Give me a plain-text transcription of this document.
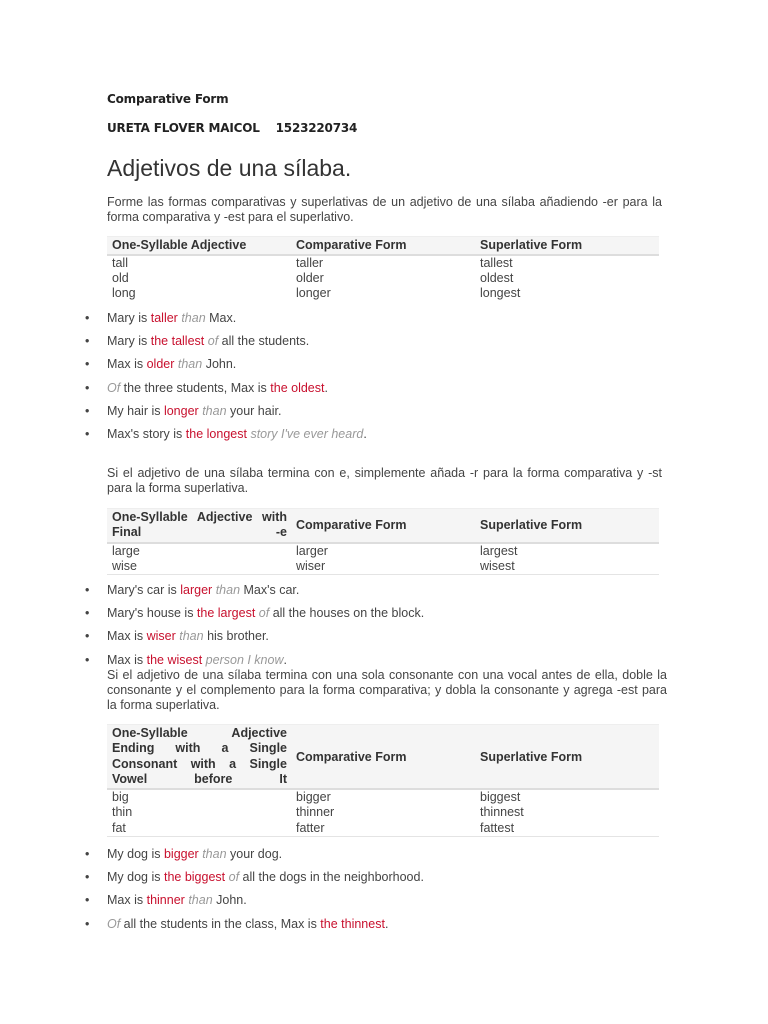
Comparative Form
URETA FLOVER MAICOL 1523220734
Adjetivos de una sílaba.
Forme las formas comparativas y superlativas de un adjetivo de una sílaba añadiendo -er para la forma comparativa y -est para el superlativo.
One-Syllable Adjective	Comparative Form	Superlative Form
tall	taller	tallest
old	older	oldest
long	longer	longest
• Mary is taller than Max.
• Mary is the tallest of all the students.
• Max is older than John.
• Of the three students, Max is the oldest.
• My hair is longer than your hair.
• Max's story is the longest story I've ever heard.
Si el adjetivo de una sílaba termina con e, simplemente añada -r para la forma comparativa y -st para la forma superlativa.
One-Syllable Adjective with Final -e	Comparative Form	Superlative Form
large	larger	largest
wise	wiser	wisest
• Mary's car is larger than Max's car.
• Mary's house is the largest of all the houses on the block.
• Max is wiser than his brother.
• Max is the wisest person I know.
Si el adjetivo de una sílaba termina con una sola consonante con una vocal antes de ella, doble la consonante y el complemento para la forma comparativa; y dobla la consonante y agrega -est para la forma superlativa.
One-Syllable Adjective Ending with a Single Consonant with a Single Vowel before It	Comparative Form	Superlative Form
big	bigger	biggest
thin	thinner	thinnest
fat	fatter	fattest
• My dog is bigger than your dog.
• My dog is the biggest of all the dogs in the neighborhood.
• Max is thinner than John.
• Of all the students in the class, Max is the thinnest.
